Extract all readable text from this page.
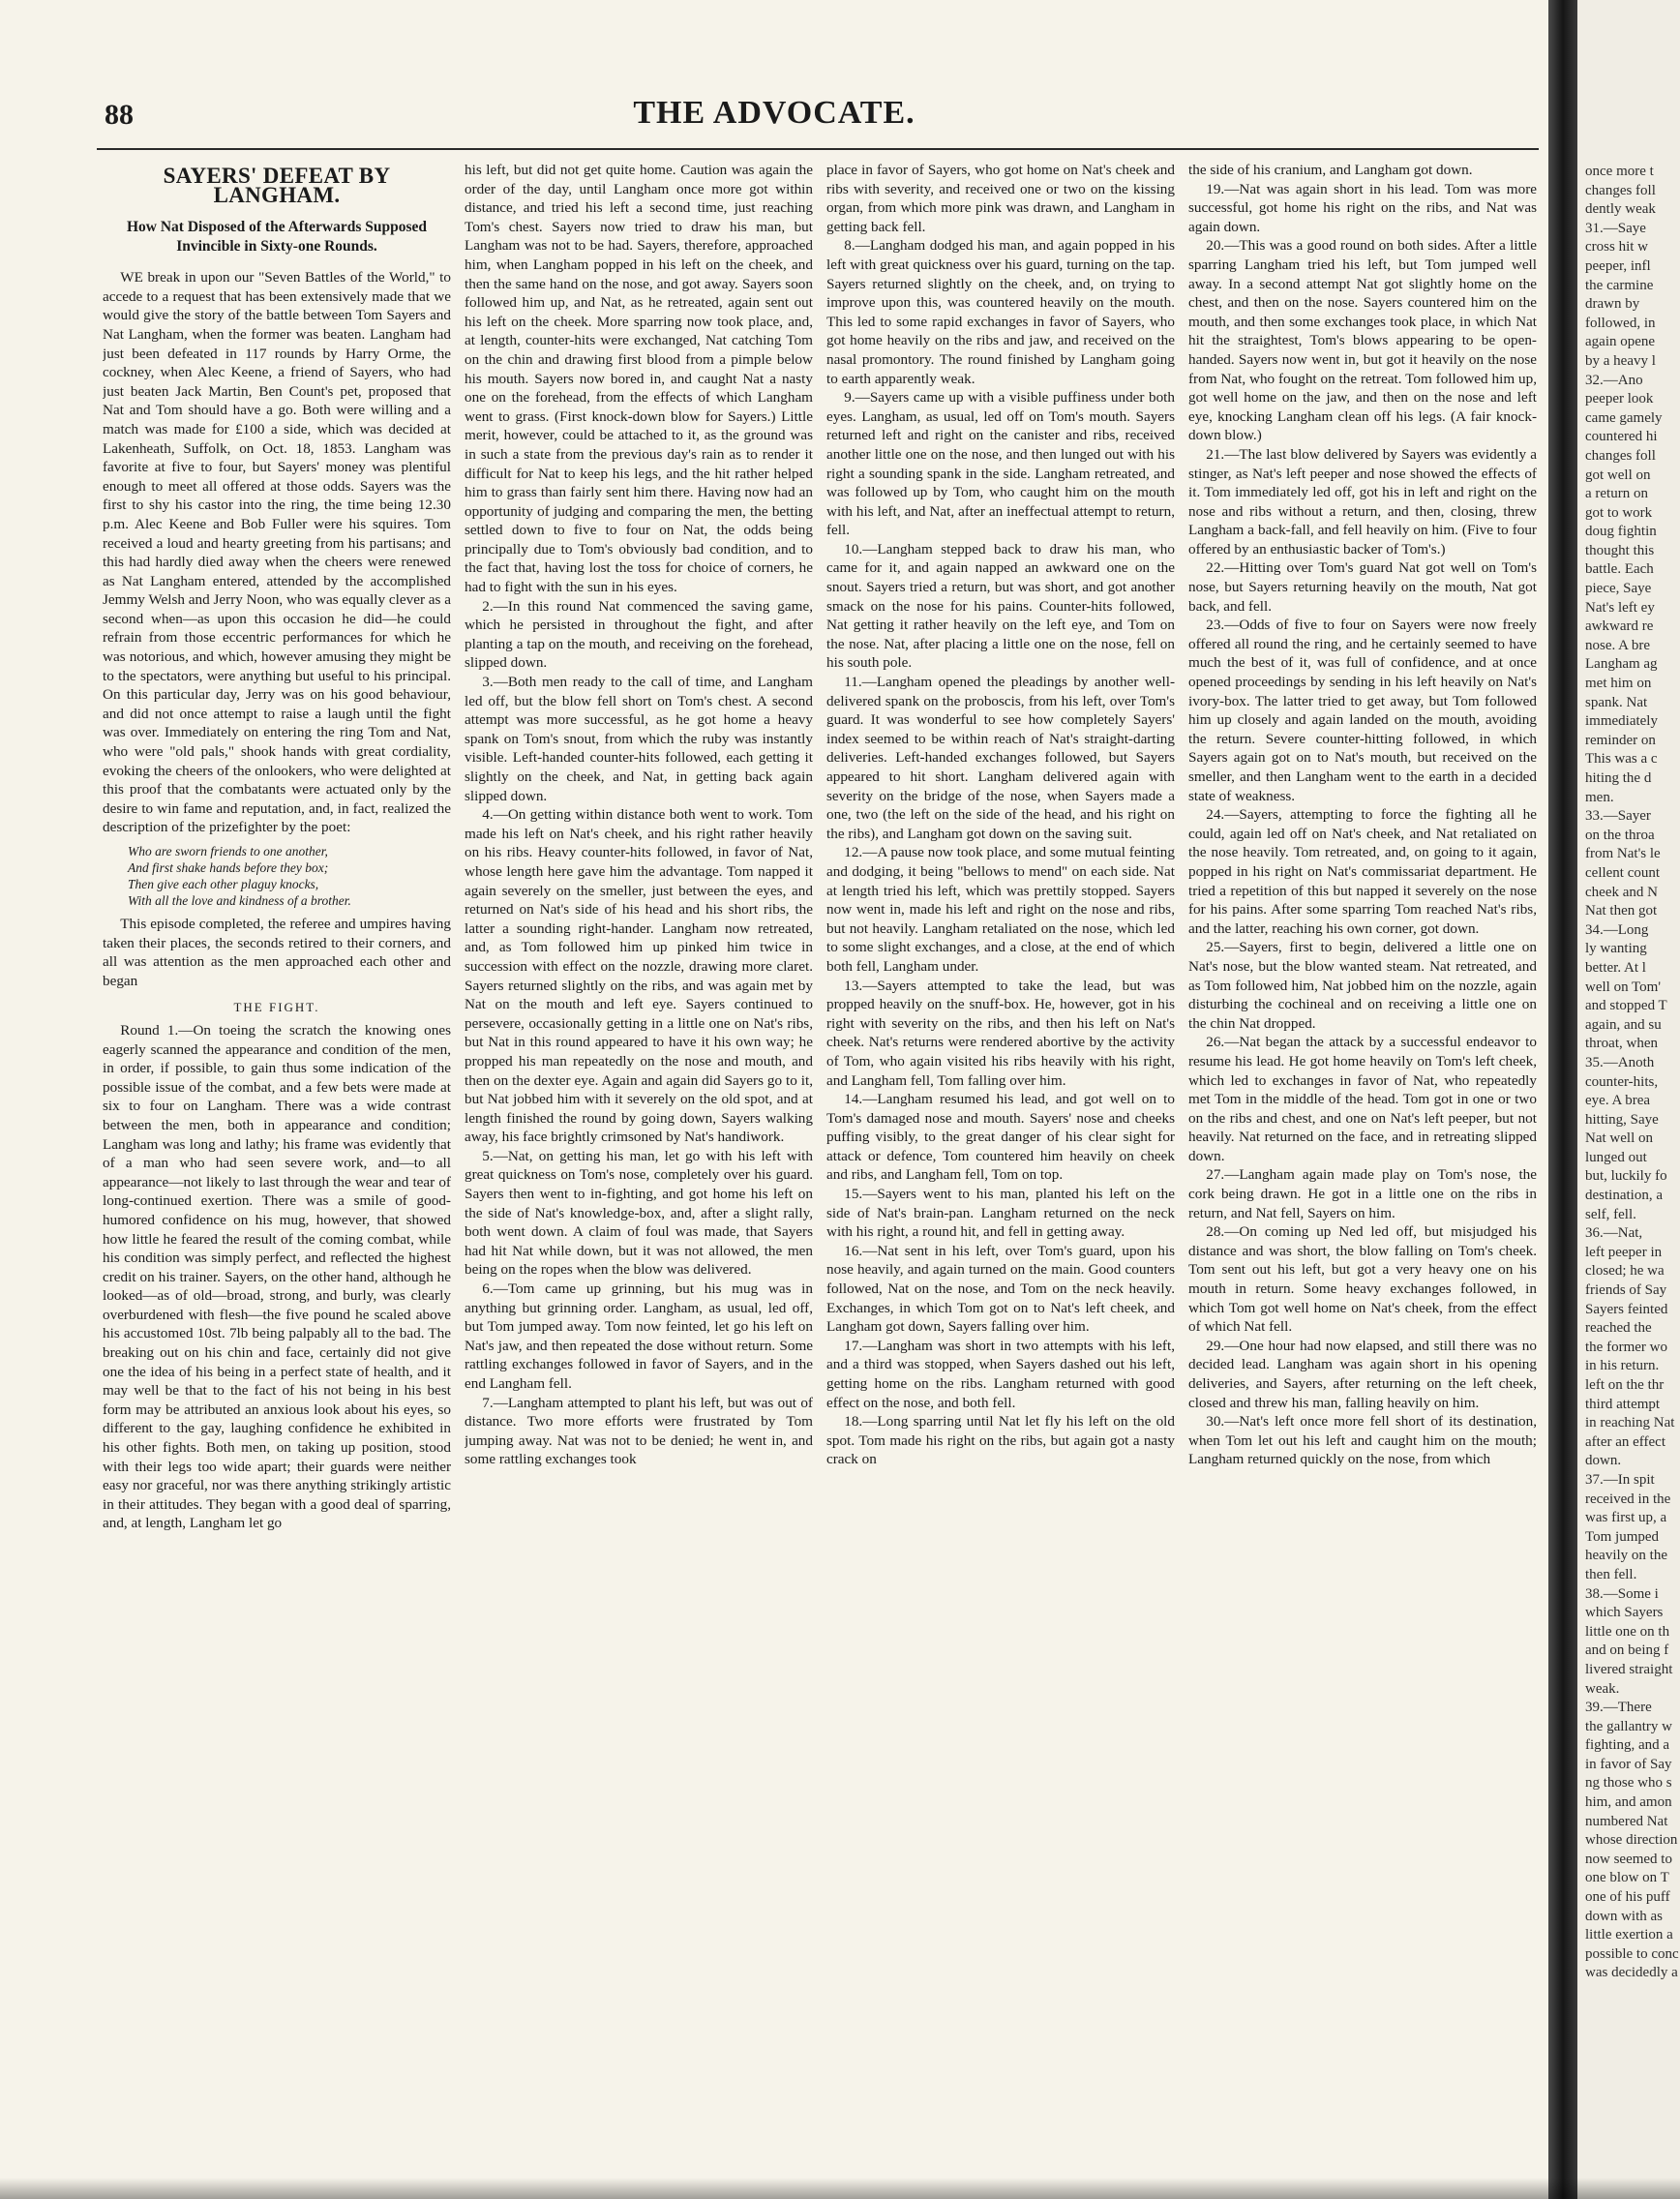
88	THE ADVOCATE.
SAYERS' DEFEAT BY LANGHAM.
How Nat Disposed of the Afterwards Supposed Invincible in Sixty-one Rounds.

WE break in upon our "Seven Battles of the World," to accede to a request that has been extensively made that we would give the story of the battle between Tom Sayers and Nat Langham, when the former was beaten. Langham had just been defeated in 117 rounds by Harry Orme, the cockney, when Alec Keene, a friend of Sayers, who had just beaten Jack Martin, Ben Count's pet, proposed that Nat and Tom should have a go. Both were willing and a match was made for £100 a side, which was decided at Lakenheath, Suffolk, on Oct. 18, 1853. Langham was favorite at five to four, but Sayers' money was plentiful enough to meet all offered at those odds. Sayers was the first to shy his castor into the ring, the time being 12.30 p.m. Alec Keene and Bob Fuller were his squires. Tom received a loud and hearty greeting from his partisans; and this had hardly died away when the cheers were renewed as Nat Langham entered, attended by the accomplished Jemmy Welsh and Jerry Noon, who was equally clever as a second when—as upon this occasion he did—he could refrain from those eccentric performances for which he was notorious, and which, however amusing they might be to the spectators, were anything but useful to his principal. On this particular day, Jerry was on his good behaviour, and did not once attempt to raise a laugh until the fight was over. Immediately on entering the ring Tom and Nat, who were "old pals," shook hands with great cordiality, evoking the cheers of the onlookers, who were delighted at this proof that the combatants were actuated only by the desire to win fame and reputation, and, in fact, realized the description of the prizefighter by the poet:

Who are sworn friends to one another,
And first shake hands before they box;
Then give each other plaguy knocks,
With all the love and kindness of a brother.

This episode completed, the referee and umpires having taken their places, the seconds retired to their corners, and all was attention as the men approached each other and began

THE FIGHT.

Round 1.—On toeing the scratch the knowing ones eagerly scanned the appearance and condition of the men, in order, if possible, to gain thus some indication of the possible issue of the combat, and a few bets were made at six to four on Langham. There was a wide contrast between the men, both in appearance and condition; Langham was long and lathy; his frame was evidently that of a man who had seen severe work, and—to all appearance—not likely to last through the wear and tear of long-continued exertion. There was a smile of good-humored confidence on his mug, however, that showed how little he feared the result of the coming combat, while his condition was simply perfect, and reflected the highest credit on his trainer. Sayers, on the other hand, although he looked—as of old—broad, strong, and burly, was clearly overburdened with flesh—the five pound he scaled above his accustomed 10st. 7lb being palpably all to the bad. The breaking out on his chin and face, certainly did not give one the idea of his being in a perfect state of health, and it may well be that to the fact of his not being in his best form may be attributed an anxious look about his eyes, so different to the gay, laughing confidence he exhibited in his other fights. Both men, on taking up position, stood with their legs too wide apart; their guards were neither easy nor graceful, nor was there anything strikingly artistic in their attitudes. They began with a good deal of sparring, and, at length, Langham let go

his left, but did not get quite home. Caution was again the order of the day, until Langham once more got within distance, and tried his left a second time, just reaching Tom's chest. Sayers now tried to draw his man, but Langham was not to be had. Sayers, therefore, approached him, when Langham popped in his left on the cheek, and then the same hand on the nose, and got away. Sayers soon followed him up, and Nat, as he retreated, again sent out his left on the cheek. More sparring now took place, and, at length, counter-hits were exchanged, Nat catching Tom on the chin and drawing first blood from a pimple below his mouth. Sayers now bored in, and caught Nat a nasty one on the forehead, from the effects of which Langham went to grass. (First knock-down blow for Sayers.) Little merit, however, could be attached to it, as the ground was in such a state from the previous day's rain as to render it difficult for Nat to keep his legs, and the hit rather helped him to grass than fairly sent him there. Having now had an opportunity of judging and comparing the men, the betting settled down to five to four on Nat, the odds being principally due to Tom's obviously bad condition, and to the fact that, having lost the toss for choice of corners, he had to fight with the sun in his eyes.

2.—In this round Nat commenced the saving game, which he persisted in throughout the fight, and after planting a tap on the mouth, and receiving on the forehead, slipped down.

3.—Both men ready to the call of time, and Langham led off, but the blow fell short on Tom's chest. A second attempt was more successful, as he got home a heavy spank on Tom's snout, from which the ruby was instantly visible. Left-handed counter-hits followed, each getting it slightly on the cheek, and Nat, in getting back again slipped down.

4.—On getting within distance both went to work. Tom made his left on Nat's cheek, and his right rather heavily on his ribs. Heavy counter-hits followed, in favor of Nat, whose length here gave him the advantage. Tom napped it again severely on the smeller, just between the eyes, and returned on Nat's side of his head and his short ribs, the latter a sounding right-hander. Langham now retreated, and, as Tom followed him up pinked him twice in succession with effect on the nozzle, drawing more claret. Sayers returned slightly on the ribs, and was again met by Nat on the mouth and left eye. Sayers continued to persevere, occasionally getting in a little one on Nat's ribs, but Nat in this round appeared to have it his own way; he propped his man repeatedly on the nose and mouth, and then on the dexter eye. Again and again did Sayers go to it, but Nat jobbed him with it severely on the old spot, and at length finished the round by going down, Sayers walking away, his face brightly crimsoned by Nat's handiwork.

5.—Nat, on getting his man, let go with his left with great quickness on Tom's nose, completely over his guard. Sayers then went to in-fighting, and got home his left on the side of Nat's knowledge-box, and, after a slight rally, both went down. A claim of foul was made, that Sayers had hit Nat while down, but it was not allowed, the men being on the ropes when the blow was delivered.

6.—Tom came up grinning, but his mug was in anything but grinning order. Langham, as usual, led off, but Tom jumped away. Tom now feinted, let go his left on Nat's jaw, and then repeated the dose without return. Some rattling exchanges followed in favor of Sayers, and in the end Langham fell.

7.—Langham attempted to plant his left, but was out of distance. Two more efforts were frustrated by Tom jumping away. Nat was not to be denied; he went in, and some rattling exchanges took

place in favor of Sayers, who got home on Nat's cheek and ribs with severity, and received one or two on the kissing organ, from which more pink was drawn, and Langham in getting back fell.

8.—Langham dodged his man, and again popped in his left with great quickness over his guard, turning on the tap. Sayers returned slightly on the cheek, and, on trying to improve upon this, was countered heavily on the mouth. This led to some rapid exchanges in favor of Sayers, who got home heavily on the ribs and jaw, and received on the nasal promontory. The round finished by Langham going to earth apparently weak.

9.—Sayers came up with a visible puffiness under both eyes. Langham, as usual, led off on Tom's mouth. Sayers returned left and right on the canister and ribs, received another little one on the nose, and then lunged out with his right a sounding spank in the side. Langham retreated, and was followed up by Tom, who caught him on the mouth with his left, and Nat, after an ineffectual attempt to return, fell.

10.—Langham stepped back to draw his man, who came for it, and again napped an awkward one on the snout. Sayers tried a return, but was short, and got another smack on the nose for his pains. Counter-hits followed, Nat getting it rather heavily on the left eye, and Tom on the nose. Nat, after placing a little one on the nose, fell on his south pole.

11.—Langham opened the pleadings by another well-delivered spank on the proboscis, from his left, over Tom's guard. It was wonderful to see how completely Sayers' index seemed to be within reach of Nat's straight-darting deliveries. Left-handed exchanges followed, but Sayers appeared to hit short. Langham delivered again with severity on the bridge of the nose, when Sayers made a one, two (the left on the side of the head, and his right on the ribs), and Langham got down on the saving suit.

12.—A pause now took place, and some mutual feinting and dodging, it being "bellows to mend" on each side. Nat at length tried his left, which was prettily stopped. Sayers now went in, made his left and right on the nose and ribs, but not heavily. Langham retaliated on the nose, which led to some slight exchanges, and a close, at the end of which both fell, Langham under.

13.—Sayers attempted to take the lead, but was propped heavily on the snuff-box. He, however, got in his right with severity on the ribs, and then his left on Nat's cheek. Nat's returns were rendered abortive by the activity of Tom, who again visited his ribs heavily with his right, and Langham fell, Tom falling over him.

14.—Langham resumed his lead, and got well on to Tom's damaged nose and mouth. Sayers' nose and cheeks puffing visibly, to the great danger of his clear sight for attack or defence, Tom countered him heavily on cheek and ribs, and Langham fell, Tom on top.

15.—Sayers went to his man, planted his left on the side of Nat's brain-pan. Langham returned on the neck with his right, a round hit, and fell in getting away.

16.—Nat sent in his left, over Tom's guard, upon his nose heavily, and again turned on the main. Good counters followed, Nat on the nose, and Tom on the neck heavily. Exchanges, in which Tom got on to Nat's left cheek, and Langham got down, Sayers falling over him.

17.—Langham was short in two attempts with his left, and a third was stopped, when Sayers dashed out his left, getting home on the ribs. Langham returned with good effect on the nose, and both fell.

18.—Long sparring until Nat let fly his left on the old spot. Tom made his right on the ribs, but again got a nasty crack on

the side of his cranium, and Langham got down.

19.—Nat was again short in his lead. Tom was more successful, got home his right on the ribs, and Nat was again down.

20.—This was a good round on both sides. After a little sparring Langham tried his left, but Tom jumped well away. In a second attempt Nat got slightly home on the chest, and then on the nose. Sayers countered him on the mouth, and then some exchanges took place, in which Nat hit the straightest, Tom's blows appearing to be open-handed. Sayers now went in, but got it heavily on the nose from Nat, who fought on the retreat. Tom followed him up, got well home on the jaw, and then on the nose and left eye, knocking Langham clean off his legs. (A fair knock-down blow.)

21.—The last blow delivered by Sayers was evidently a stinger, as Nat's left peeper and nose showed the effects of it. Tom immediately led off, got his in left and right on the nose and ribs without a return, and then, closing, threw Langham a back-fall, and fell heavily on him. (Five to four offered by an enthusiastic backer of Tom's.)

22.—Hitting over Tom's guard Nat got well on Tom's nose, but Sayers returning heavily on the mouth, Nat got back, and fell.

23.—Odds of five to four on Sayers were now freely offered all round the ring, and he certainly seemed to have much the best of it, was full of confidence, and at once opened proceedings by sending in his left heavily on Nat's ivory-box. The latter tried to get away, but Tom followed him up closely and again landed on the mouth, avoiding the return. Severe counter-hitting followed, in which Sayers again got on to Nat's mouth, but received on the smeller, and then Langham went to the earth in a decided state of weakness.

24.—Sayers, attempting to force the fighting all he could, again led off on Nat's cheek, and Nat retaliated on the nose heavily. Tom retreated, and, on going to it again, popped in his right on Nat's commissariat department. He tried a repetition of this but napped it severely on the nose for his pains. After some sparring Tom reached Nat's ribs, and the latter, reaching his own corner, got down.

25.—Sayers, first to begin, delivered a little one on Nat's nose, but the blow wanted steam. Nat retreated, and as Tom followed him, Nat jobbed him on the nozzle, again disturbing the cochineal and on receiving a little one on the chin Nat dropped.

26.—Nat began the attack by a successful endeavor to resume his lead. He got home heavily on Tom's left cheek, which led to exchanges in favor of Nat, who repeatedly met Tom in the middle of the head. Tom got in one or two on the ribs and chest, and one on Nat's left peeper, but not heavily. Nat returned on the face, and in retreating slipped down.

27.—Langham again made play on Tom's nose, the cork being drawn. He got in a little one on the ribs in return, and Nat fell, Sayers on him.

28.—On coming up Ned led off, but misjudged his distance and was short, the blow falling on Tom's cheek. Tom sent out his left, but got a very heavy one on his mouth in return. Some heavy exchanges followed, in which Tom got well home on Nat's cheek, from the effect of which Nat fell.

29.—One hour had now elapsed, and still there was no decided lead. Langham was again short in his opening deliveries, and Sayers, after returning on the left cheek, closed and threw his man, falling heavily on him.

30.—Nat's left once more fell short of its destination, when Tom let out his left and caught him on the mouth; Langham returned quickly on the nose, from which

once more t
changes foll
dently weak
31.—Saye
cross hit w
peeper, infl
the carmine
drawn by
followed, in
again opene
by a heavy l
32.—Ano
peeper look
came gamely
countered hi
changes foll
got well on
a return on
got to work
doug fightin
thought this
battle. Each
piece, Saye
Nat's left ey
awkward re
nose. A bre
Langham ag
met him on
spank. Nat
immediately
reminder on
This was a c
hiting the d
men.
33.—Sayer
on the throa
from Nat's le
cellent count
cheek and N
Nat then got
34.—Long
ly wanting
better. At l
well on Tom'
and stopped T
again, and su
throat, when
35.—Anoth
counter-hits,
eye. A brea
hitting, Saye
Nat well on
lunged out
but, luckily fo
destination, a
self, fell.
36.—Nat,
left peeper in
closed; he wa
friends of Say
Sayers feinted
reached the
the former wo
in his return.
left on the thr
third attempt
in reaching Nat
after an effect
down.
37.—In spit
received in the
was first up, a
Tom jumped
heavily on the
then fell.
38.—Some i
which Sayers
little one on th
and on being f
livered straight
weak.
39.—There
the gallantry w
fighting, and a
in favor of Say
ng those who s
him, and amon
numbered Nat
whose direction
now seemed to
one blow on T
one of his puff
down with as
little exertion a
possible to conc
was decidedly a
